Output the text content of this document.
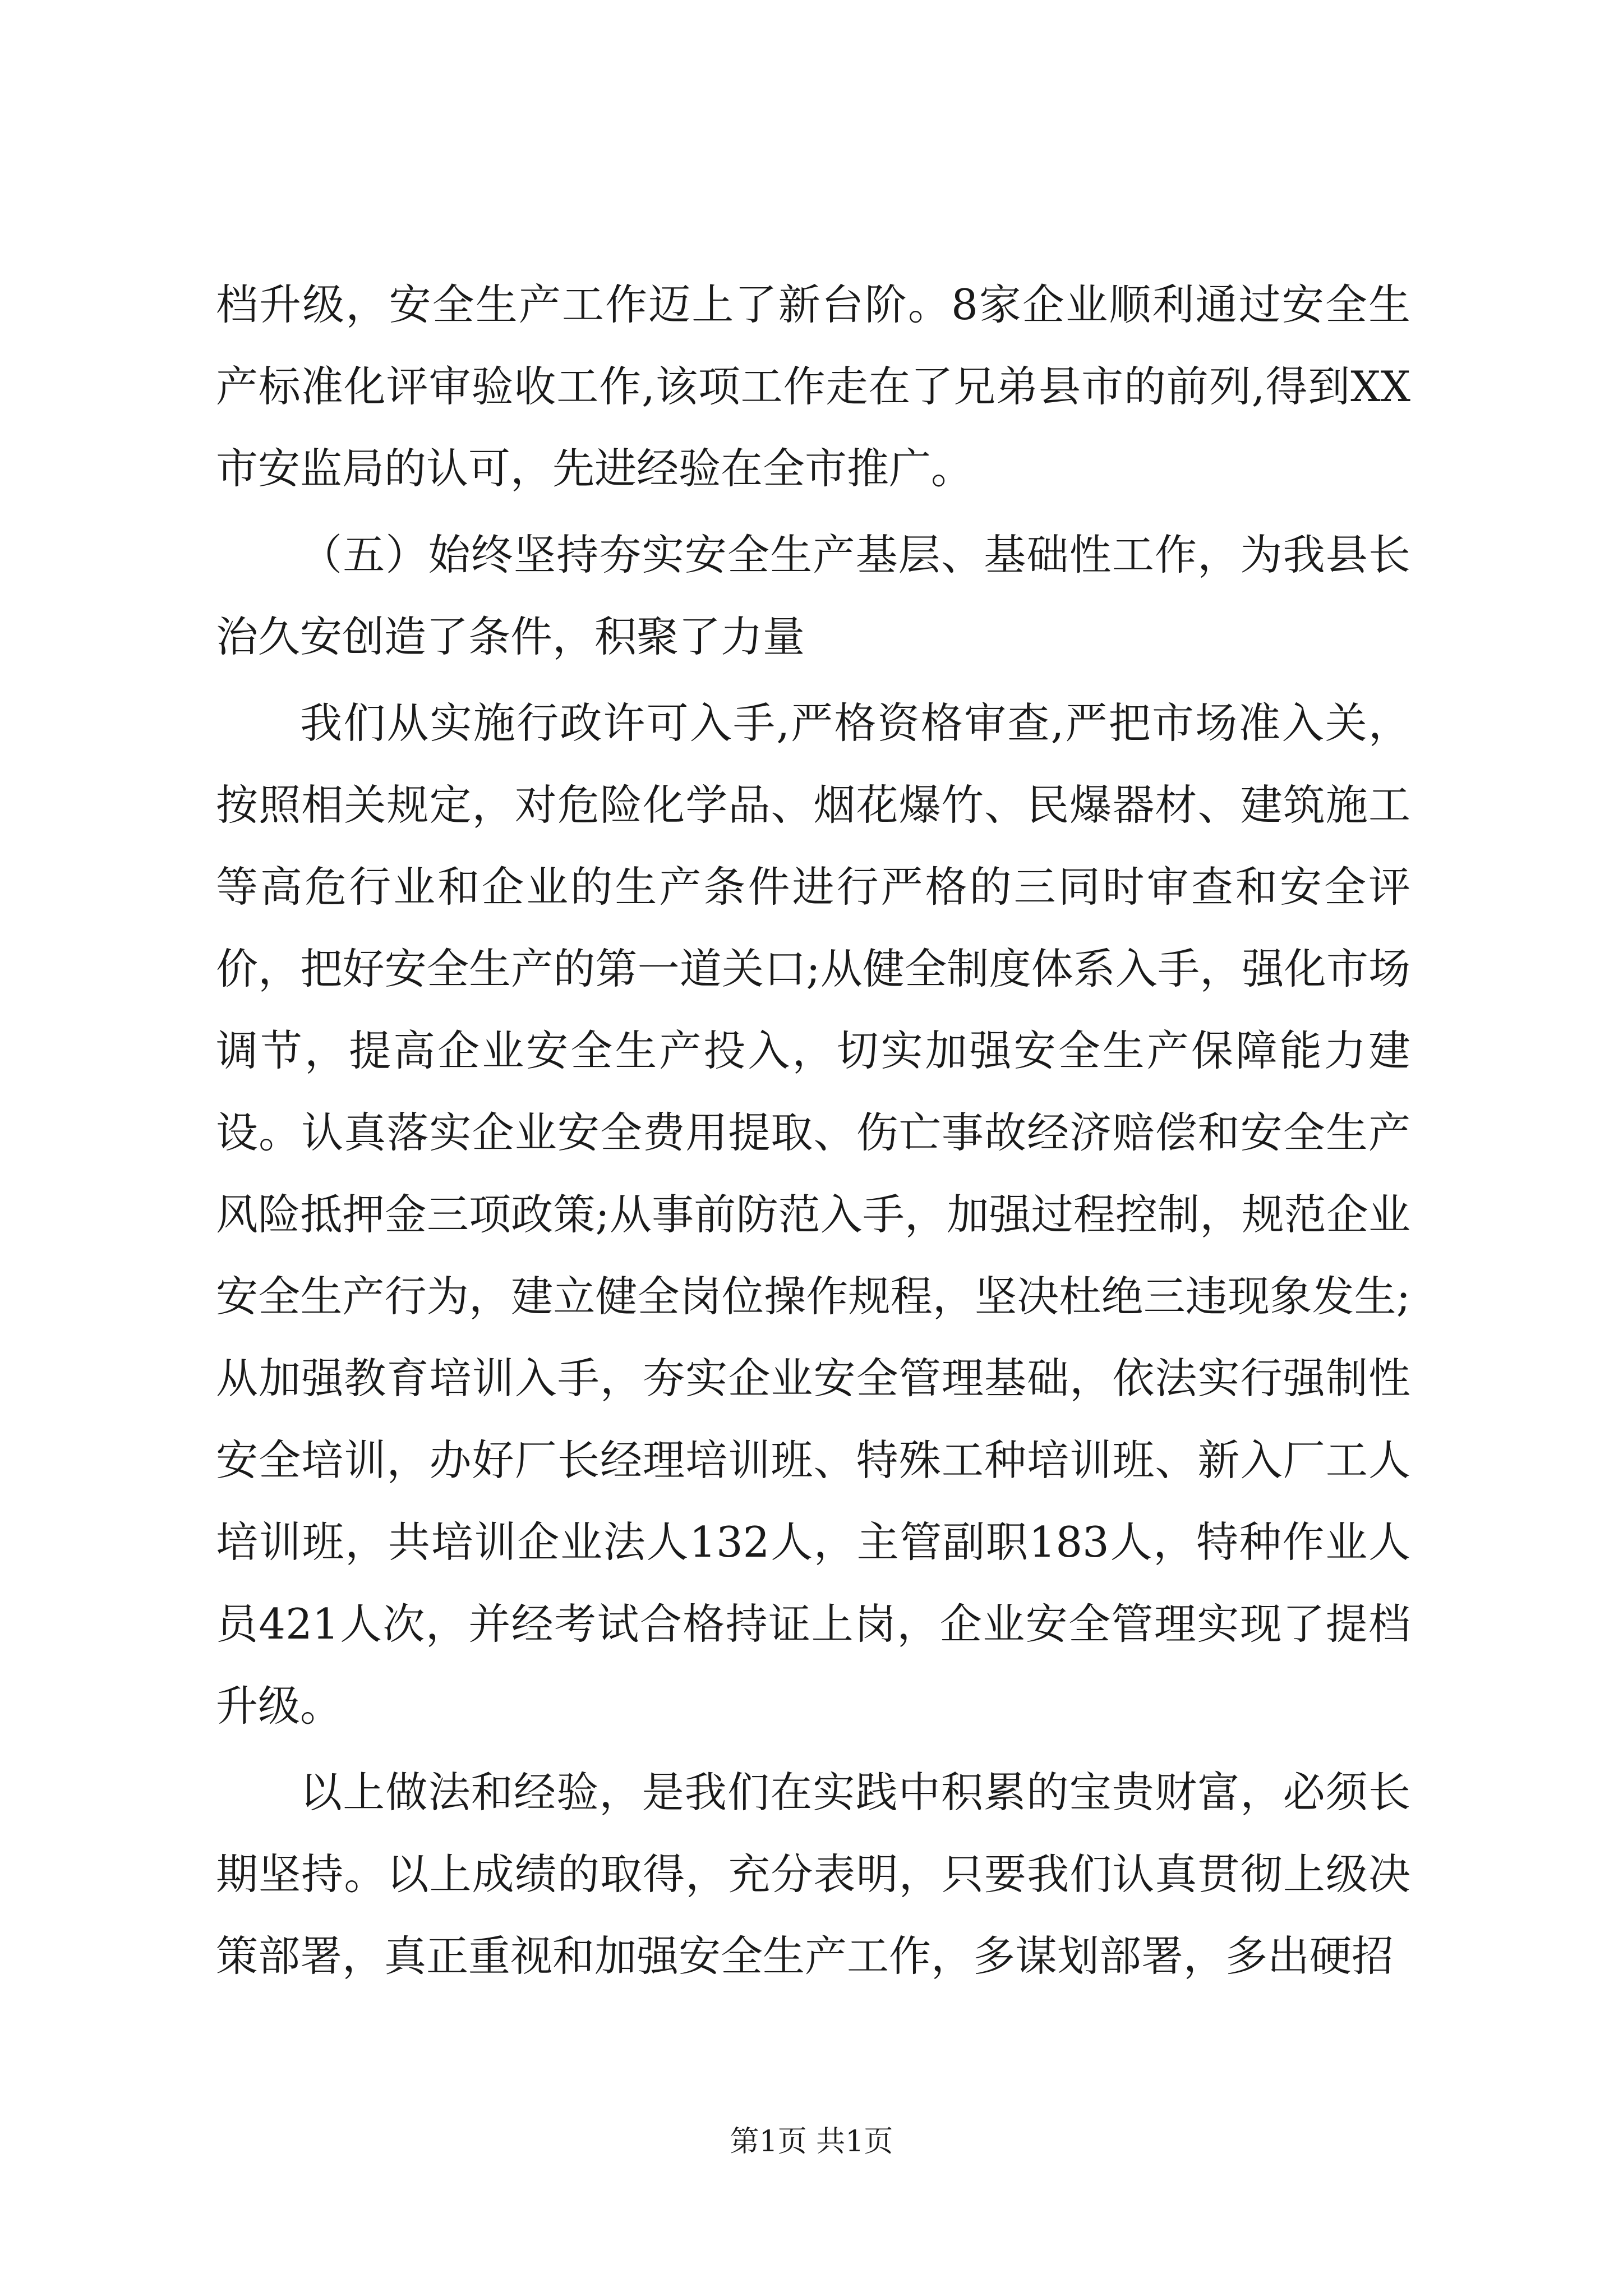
档升级，安全生产工作迈上了新台阶。8家企业顺利通过安全生产标准化评审验收工作,该项工作走在了兄弟县市的前列,得到XX市安监局的认可，先进经验在全市推广。

（五）始终坚持夯实安全生产基层、基础性工作，为我县长治久安创造了条件，积聚了力量

我们从实施行政许可入手,严格资格审查,严把市场准入关，按照相关规定，对危险化学品、烟花爆竹、民爆器材、建筑施工等高危行业和企业的生产条件进行严格的三同时审查和安全评价，把好安全生产的第一道关口;从健全制度体系入手，强化市场调节，提高企业安全生产投入，切实加强安全生产保障能力建设。认真落实企业安全费用提取、伤亡事故经济赔偿和安全生产风险抵押金三项政策;从事前防范入手，加强过程控制，规范企业安全生产行为，建立健全岗位操作规程，坚决杜绝三违现象发生;从加强教育培训入手，夯实企业安全管理基础，依法实行强制性安全培训，办好厂长经理培训班、特殊工种培训班、新入厂工人培训班，共培训企业法人132人，主管副职183人，特种作业人员421人次，并经考试合格持证上岗，企业安全管理实现了提档升级。

以上做法和经验，是我们在实践中积累的宝贵财富，必须长期坚持。以上成绩的取得，充分表明，只要我们认真贯彻上级决策部署，真正重视和加强安全生产工作，多谋划部署，多出硬招

第1页 共1页
